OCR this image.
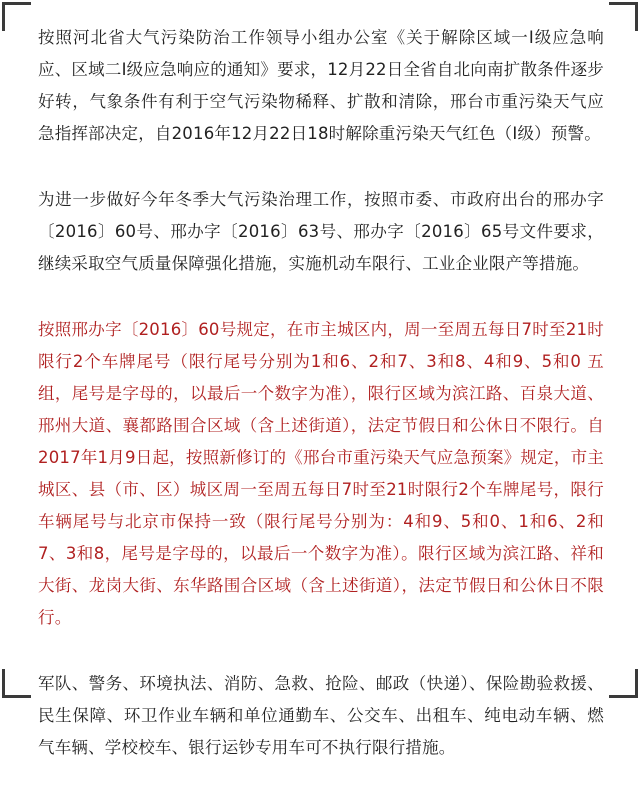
按照河北省大气污染防治工作领导小组办公室《关于解除区域一Ⅰ级应急响应、区域二Ⅰ级应急响应的通知》要求，12月22日全省自北向南扩散条件逐步好转，气象条件有利于空气污染物稀释、扩散和清除，邢台市重污染天气应急指挥部决定，自2016年12月22日18时解除重污染天气红色（Ⅰ级）预警。

为进一步做好今年冬季大气污染治理工作，按照市委、市政府出台的邢办字〔2016〕60号、邢办字〔2016〕63号、邢办字〔2016〕65号文件要求，继续采取空气质量保障强化措施，实施机动车限行、工业企业限产等措施。

按照邢办字〔2016〕60号规定，在市主城区内，周一至周五每日7时至21时限行2个车牌尾号（限行尾号分别为1和6、2和7、3和8、4和9、5和0 五组，尾号是字母的，以最后一个数字为准），限行区域为滨江路、百泉大道、邢州大道、襄都路围合区域（含上述街道），法定节假日和公休日不限行。自2017年1月9日起，按照新修订的《邢台市重污染天气应急预案》规定，市主城区、县（市、区）城区周一至周五每日7时至21时限行2个车牌尾号，限行车辆尾号与北京市保持一致（限行尾号分别为：4和9、5和0、1和6、2和7、3和8，尾号是字母的，以最后一个数字为准）。限行区域为滨江路、祥和大街、龙岗大街、东华路围合区域（含上述街道），法定节假日和公休日不限行。

军队、警务、环境执法、消防、急救、抢险、邮政（快递）、保险勘验救援、民生保障、环卫作业车辆和单位通勤车、公交车、出租车、纯电动车辆、燃气车辆、学校校车、银行运钞专用车可不执行限行措施。
